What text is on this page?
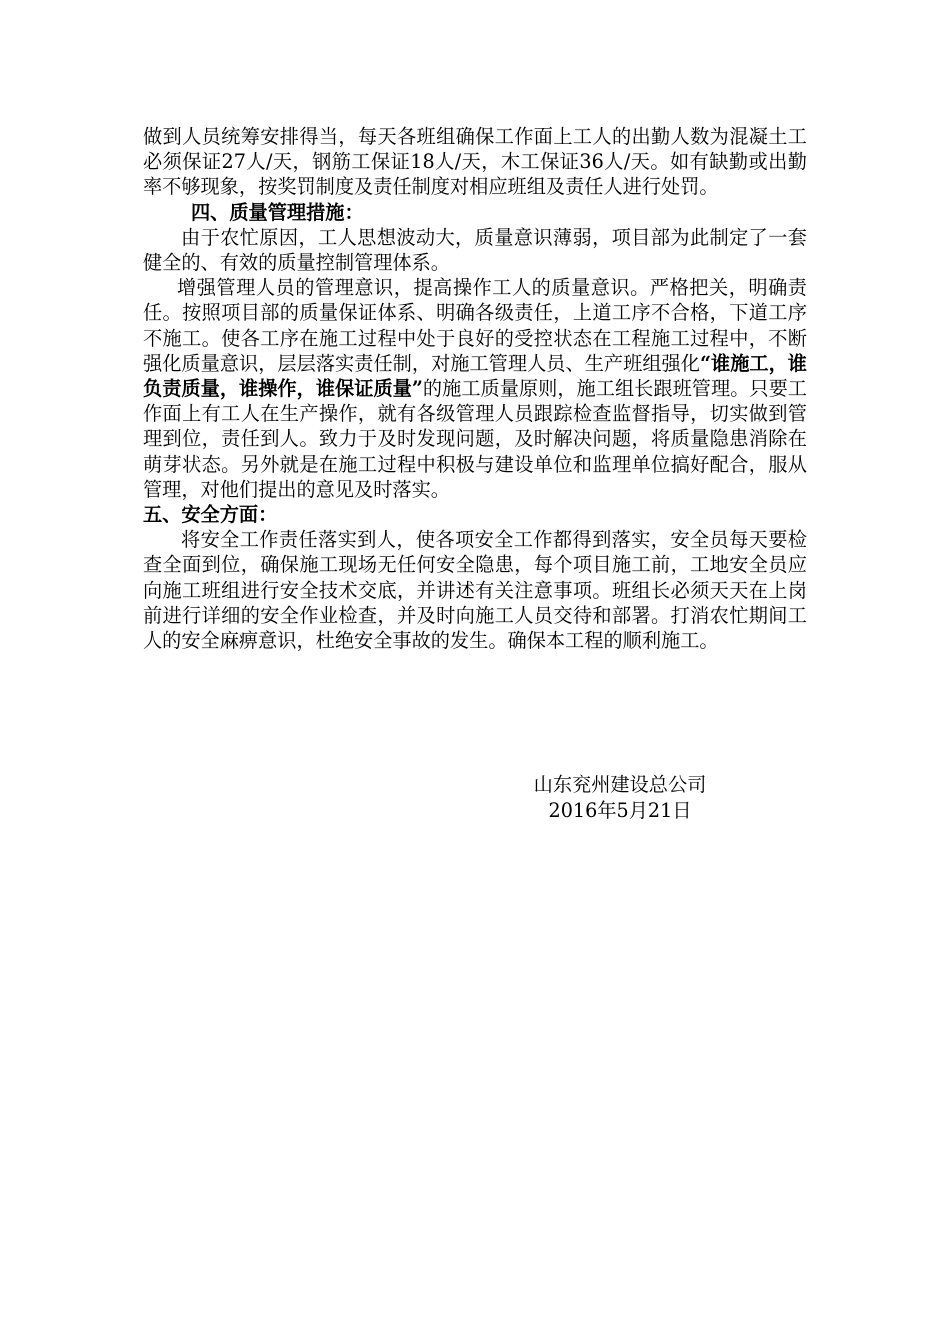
做到人员统筹安排得当，每天各班组确保工作面上工人的出勤人数为混凝土工必须保证27人/天，钢筋工保证18人/天，木工保证36人/天。如有缺勤或出勤率不够现象，按奖罚制度及责任制度对相应班组及责任人进行处罚。

四、质量管理措施：

由于农忙原因，工人思想波动大，质量意识薄弱，项目部为此制定了一套健全的、有效的质量控制管理体系。

增强管理人员的管理意识，提高操作工人的质量意识。严格把关，明确责任。按照项目部的质量保证体系、明确各级责任，上道工序不合格，下道工序不施工。使各工序在施工过程中处于良好的受控状态在工程施工过程中，不断强化质量意识，层层落实责任制，对施工管理人员、生产班组强化“谁施工，谁负责质量，谁操作，谁保证质量”的施工质量原则，施工组长跟班管理。只要工作面上有工人在生产操作，就有各级管理人员跟踪检查监督指导，切实做到管理到位，责任到人。致力于及时发现问题，及时解决问题，将质量隐患消除在萌芽状态。另外就是在施工过程中积极与建设单位和监理单位搞好配合，服从管理，对他们提出的意见及时落实。

五、安全方面：

将安全工作责任落实到人，使各项安全工作都得到落实，安全员每天要检查全面到位，确保施工现场无任何安全隐患，每个项目施工前，工地安全员应向施工班组进行安全技术交底，并讲述有关注意事项。班组长必须天天在上岗前进行详细的安全作业检查，并及时向施工人员交待和部署。打消农忙期间工人的安全麻痹意识，杜绝安全事故的发生。确保本工程的顺利施工。

山东兖州建设总公司
2016年5月21日
